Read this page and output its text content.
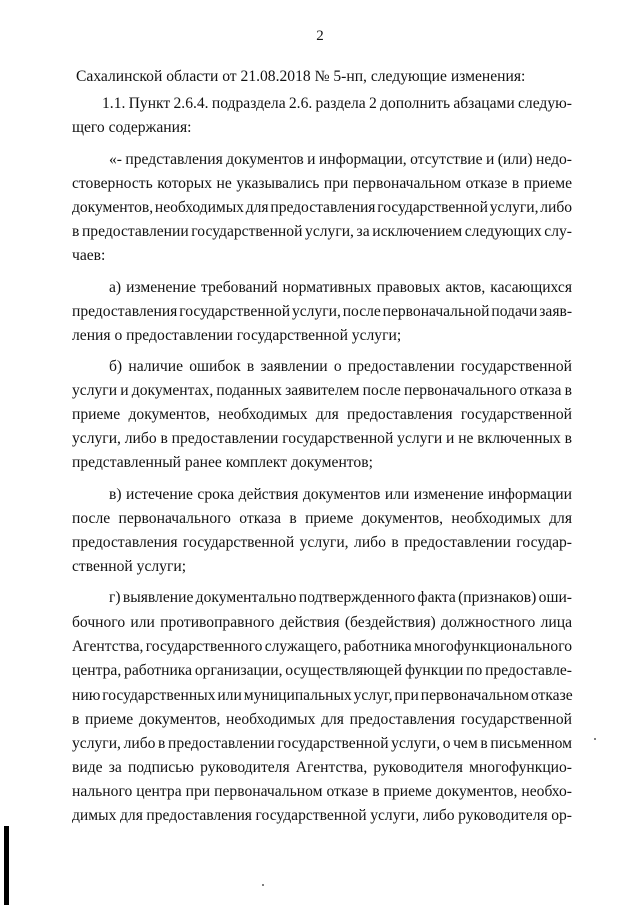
2
Сахалинской области от 21.08.2018 № 5-нп, следующие изменения:
1.1. Пункт 2.6.4. подраздела 2.6. раздела 2 дополнить абзацами следую-
щего содержания:
«- представления документов и информации, отсутствие и (или) недо-
стоверность которых не указывались при первоначальном отказе в приеме
документов, необходимых для предоставления государственной услуги, либо
в предоставлении государственной услуги, за исключением следующих слу-
чаев:
а) изменение требований нормативных правовых актов, касающихся
предоставления государственной услуги, после первоначальной подачи заяв-
ления о предоставлении государственной услуги;
б) наличие ошибок в заявлении о предоставлении государственной
услуги и документах, поданных заявителем после первоначального отказа в
приеме документов, необходимых для предоставления государственной
услуги, либо в предоставлении государственной услуги и не включенных в
представленный ранее комплект документов;
в) истечение срока действия документов или изменение информации
после первоначального отказа в приеме документов, необходимых для
предоставления государственной услуги, либо в предоставлении государ-
ственной услуги;
г) выявление документально подтвержденного факта (признаков) оши-
бочного или противоправного действия (бездействия) должностного лица
Агентства, государственного служащего, работника многофункционального
центра, работника организации, осуществляющей функции по предоставле-
нию государственных или муниципальных услуг, при первоначальном отказе
в приеме документов, необходимых для предоставления государственной
услуги, либо в предоставлении государственной услуги, о чем в письменном
виде за подписью руководителя Агентства, руководителя многофункцио-
нального центра при первоначальном отказе в приеме документов, необхо-
димых для предоставления государственной услуги, либо руководителя ор-
